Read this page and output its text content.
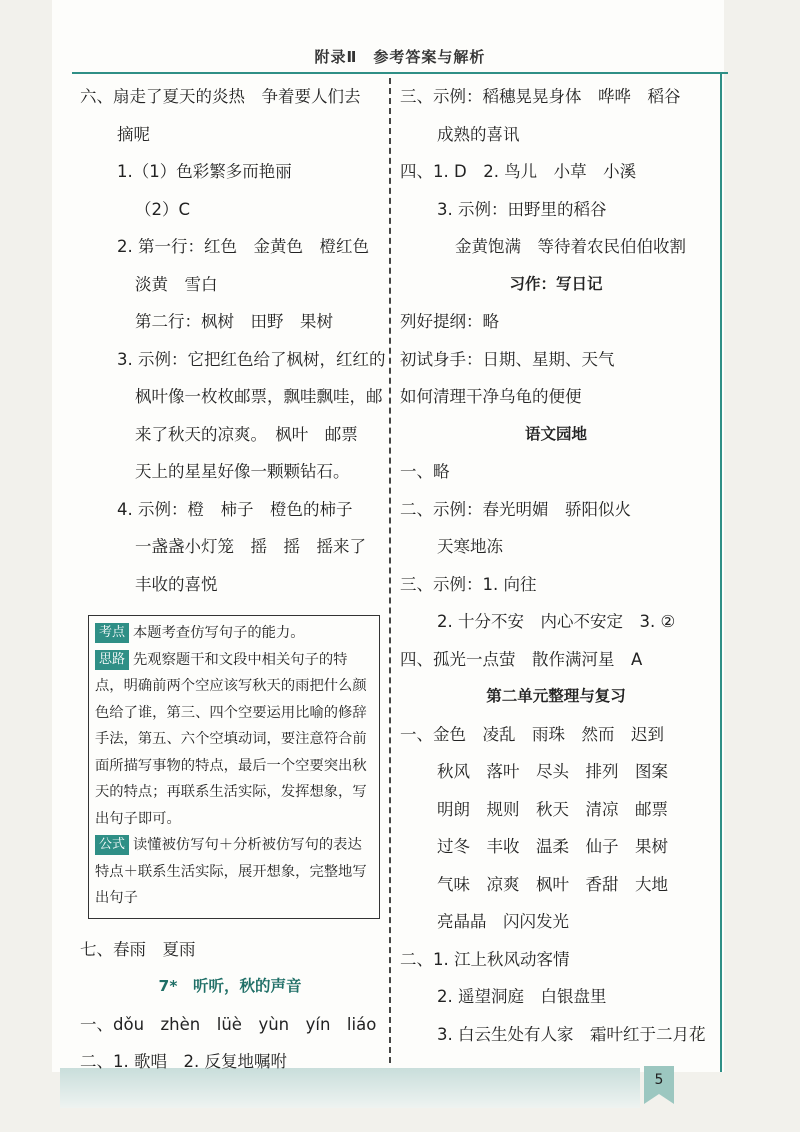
附录Ⅱ　参考答案与解析
六、扇走了夏天的炎热　争着要人们去
摘呢
1.（1）色彩繁多而艳丽
（2）C
2. 第一行：红色　金黄色　橙红色
淡黄　雪白
第二行：枫树　田野　果树
3. 示例：它把红色给了枫树，红红的
枫叶像一枚枚邮票，飘哇飘哇，邮
来了秋天的凉爽。　枫叶　邮票
天上的星星好像一颗颗钻石。
4. 示例：橙　柿子　橙色的柿子
一盏盏小灯笼　摇　摇　摇来了
丰收的喜悦

考点 本题考查仿写句子的能力。

思路 先观察题干和文段中相关句子的特点，明确前两个空应该写秋天的雨把什么颜色给了谁，第三、四个空要运用比喻的修辞手法，第五、六个空填动词，要注意符合前面所描写事物的特点，最后一个空要突出秋天的特点；再联系生活实际，发挥想象，写出句子即可。

公式 读懂被仿写句＋分析被仿写句的表达特点＋联系生活实际，展开想象，完整地写出句子

七、春雨　夏雨
7*　听听，秋的声音
一、dǒu　zhèn　lüè　yùn　yín　liáo
二、1. 歌唱　2. 反复地嘱咐
三、示例：稻穗晃晃身体　哗哗　稻谷
成熟的喜讯
四、1. D　2. 鸟儿　小草　小溪
3. 示例：田野里的稻谷
金黄饱满　等待着农民伯伯收割
习作：写日记
列好提纲：略
初试身手：日期、星期、天气
如何清理干净乌龟的便便
语文园地
一、略
二、示例：春光明媚　骄阳似火
天寒地冻
三、示例：1. 向往
2. 十分不安　内心不安定　3. ②
四、孤光一点萤　散作满河星　A
第二单元整理与复习
一、金色　凌乱　雨珠　然而　迟到
秋风　落叶　尽头　排列　图案
明朗　规则　秋天　清凉　邮票
过冬　丰收　温柔　仙子　果树
气味　凉爽　枫叶　香甜　大地
亮晶晶　闪闪发光
二、1. 江上秋风动客情
2. 遥望洞庭　白银盘里
3. 白云生处有人家　霜叶红于二月花
5
